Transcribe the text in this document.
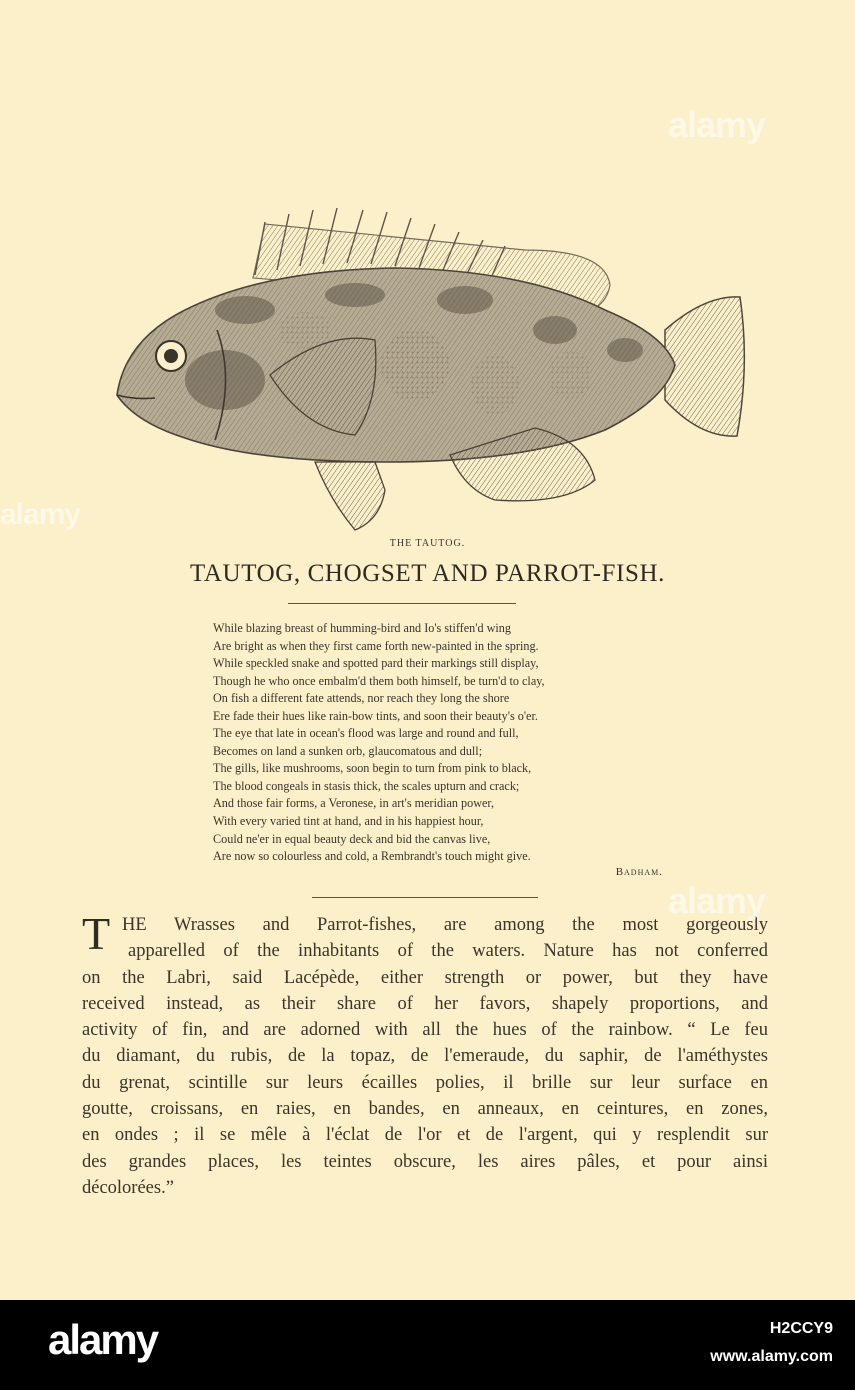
THE TAUTOG.
TAUTOG, CHOGSET AND PARROT-FISH.
While blazing breast of humming-bird and Io's stiffen'd wing
Are bright as when they first came forth new-painted in the spring.
While speckled snake and spotted pard their markings still display,
Though he who once embalm'd them both himself, be turn'd to clay,
On fish a different fate attends, nor reach they long the shore
Ere fade their hues like rain-bow tints, and soon their beauty's o'er.
The eye that late in ocean's flood was large and round and full,
Becomes on land a sunken orb, glaucomatous and dull;
The gills, like mushrooms, soon begin to turn from pink to black,
The blood congeals in stasis thick, the scales upturn and crack;
And those fair forms, a Veronese, in art's meridian power,
With every varied tint at hand, and in his happiest hour,
Could ne'er in equal beauty deck and bid the canvas live,
Are now so colourless and cold, a Rembrandt's touch might give.
Badham.
T HE Wrasses and Parrot-fishes, are among the most gorgeously
apparelled of the inhabitants of the waters. Nature has not conferred
on the Labri, said Lacépède, either strength or power, but they have
received instead, as their share of her favors, shapely proportions, and
activity of fin, and are adorned with all the hues of the rainbow. “ Le feu
du diamant, du rubis, de la topaz, de l'emeraude, du saphir, de l'améthystes
du grenat, scintille sur leurs écailles polies, il brille sur leur surface en
goutte, croissans, en raies, en bandes, en anneaux, en ceintures, en zones,
en ondes ; il se mêle à l'éclat de l'or et de l'argent, qui y resplendit sur
des grandes places, les teintes obscure, les aires pâles, et pour ainsi
décolorées.”
alamy
alamy
alamy
alamy	H2CCY9
www.alamy.com
